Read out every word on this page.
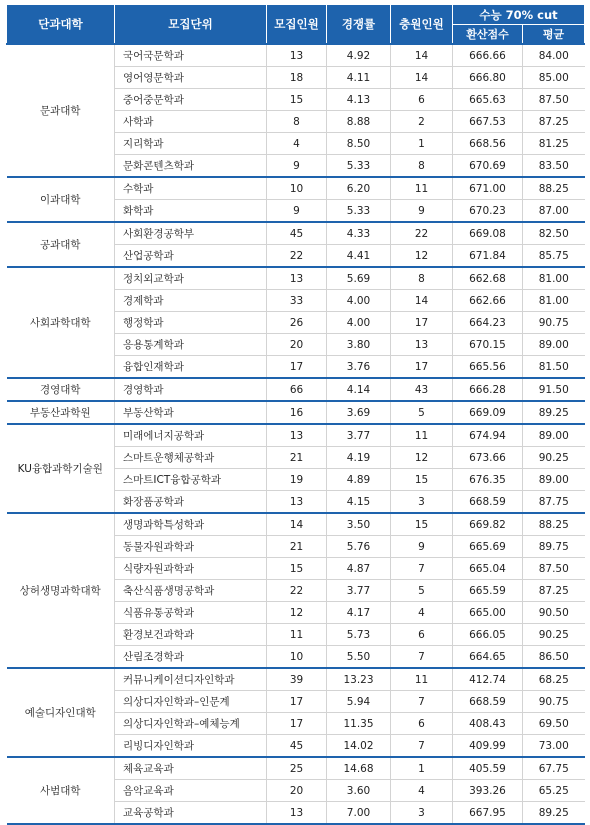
단과대학	모집단위	모집인원	경쟁률	충원인원	수능 70% cut	
					환산점수	평균
문과대학	국어국문학과	13	4.92	14	666.66	84.00
	영어영문학과	18	4.11	14	666.80	85.00
	중어중문학과	15	4.13	6	665.63	87.50
	사학과	8	8.88	2	667.53	87.25
	지리학과	4	8.50	1	668.56	81.25
	문화콘텐츠학과	9	5.33	8	670.69	83.50
이과대학	수학과	10	6.20	11	671.00	88.25
	화학과	9	5.33	9	670.23	87.00
공과대학	사회환경공학부	45	4.33	22	669.08	82.50
	산업공학과	22	4.41	12	671.84	85.75
사회과학대학	정치외교학과	13	5.69	8	662.68	81.00
	경제학과	33	4.00	14	662.66	81.00
	행정학과	26	4.00	17	664.23	90.75
	응용통계학과	20	3.80	13	670.15	89.00
	융합인재학과	17	3.76	17	665.56	81.50
경영대학	경영학과	66	4.14	43	666.28	91.50
부동산과학원	부동산학과	16	3.69	5	669.09	89.25
KU융합과학기술원	미래에너지공학과	13	3.77	11	674.94	89.00
	스마트운행체공학과	21	4.19	12	673.66	90.25
	스마트ICT융합공학과	19	4.89	15	676.35	89.00
	화장품공학과	13	4.15	3	668.59	87.75
상허생명과학대학	생명과학특성학과	14	3.50	15	669.82	88.25
	동물자원과학과	21	5.76	9	665.69	89.75
	식량자원과학과	15	4.87	7	665.04	87.50
	축산식품생명공학과	22	3.77	5	665.59	87.25
	식품유통공학과	12	4.17	4	665.00	90.50
	환경보건과학과	11	5.73	6	666.05	90.25
	산림조경학과	10	5.50	7	664.65	86.50
예술디자인대학	커뮤니케이션디자인학과	39	13.23	11	412.74	68.25
	의상디자인학과–인문계	17	5.94	7	668.59	90.75
	의상디자인학과–예체능계	17	11.35	6	408.43	69.50
	리빙디자인학과	45	14.02	7	409.99	73.00
사범대학	체육교육과	25	14.68	1	405.59	67.75
	음악교육과	20	3.60	4	393.26	65.25
	교육공학과	13	7.00	3	667.95	89.25
